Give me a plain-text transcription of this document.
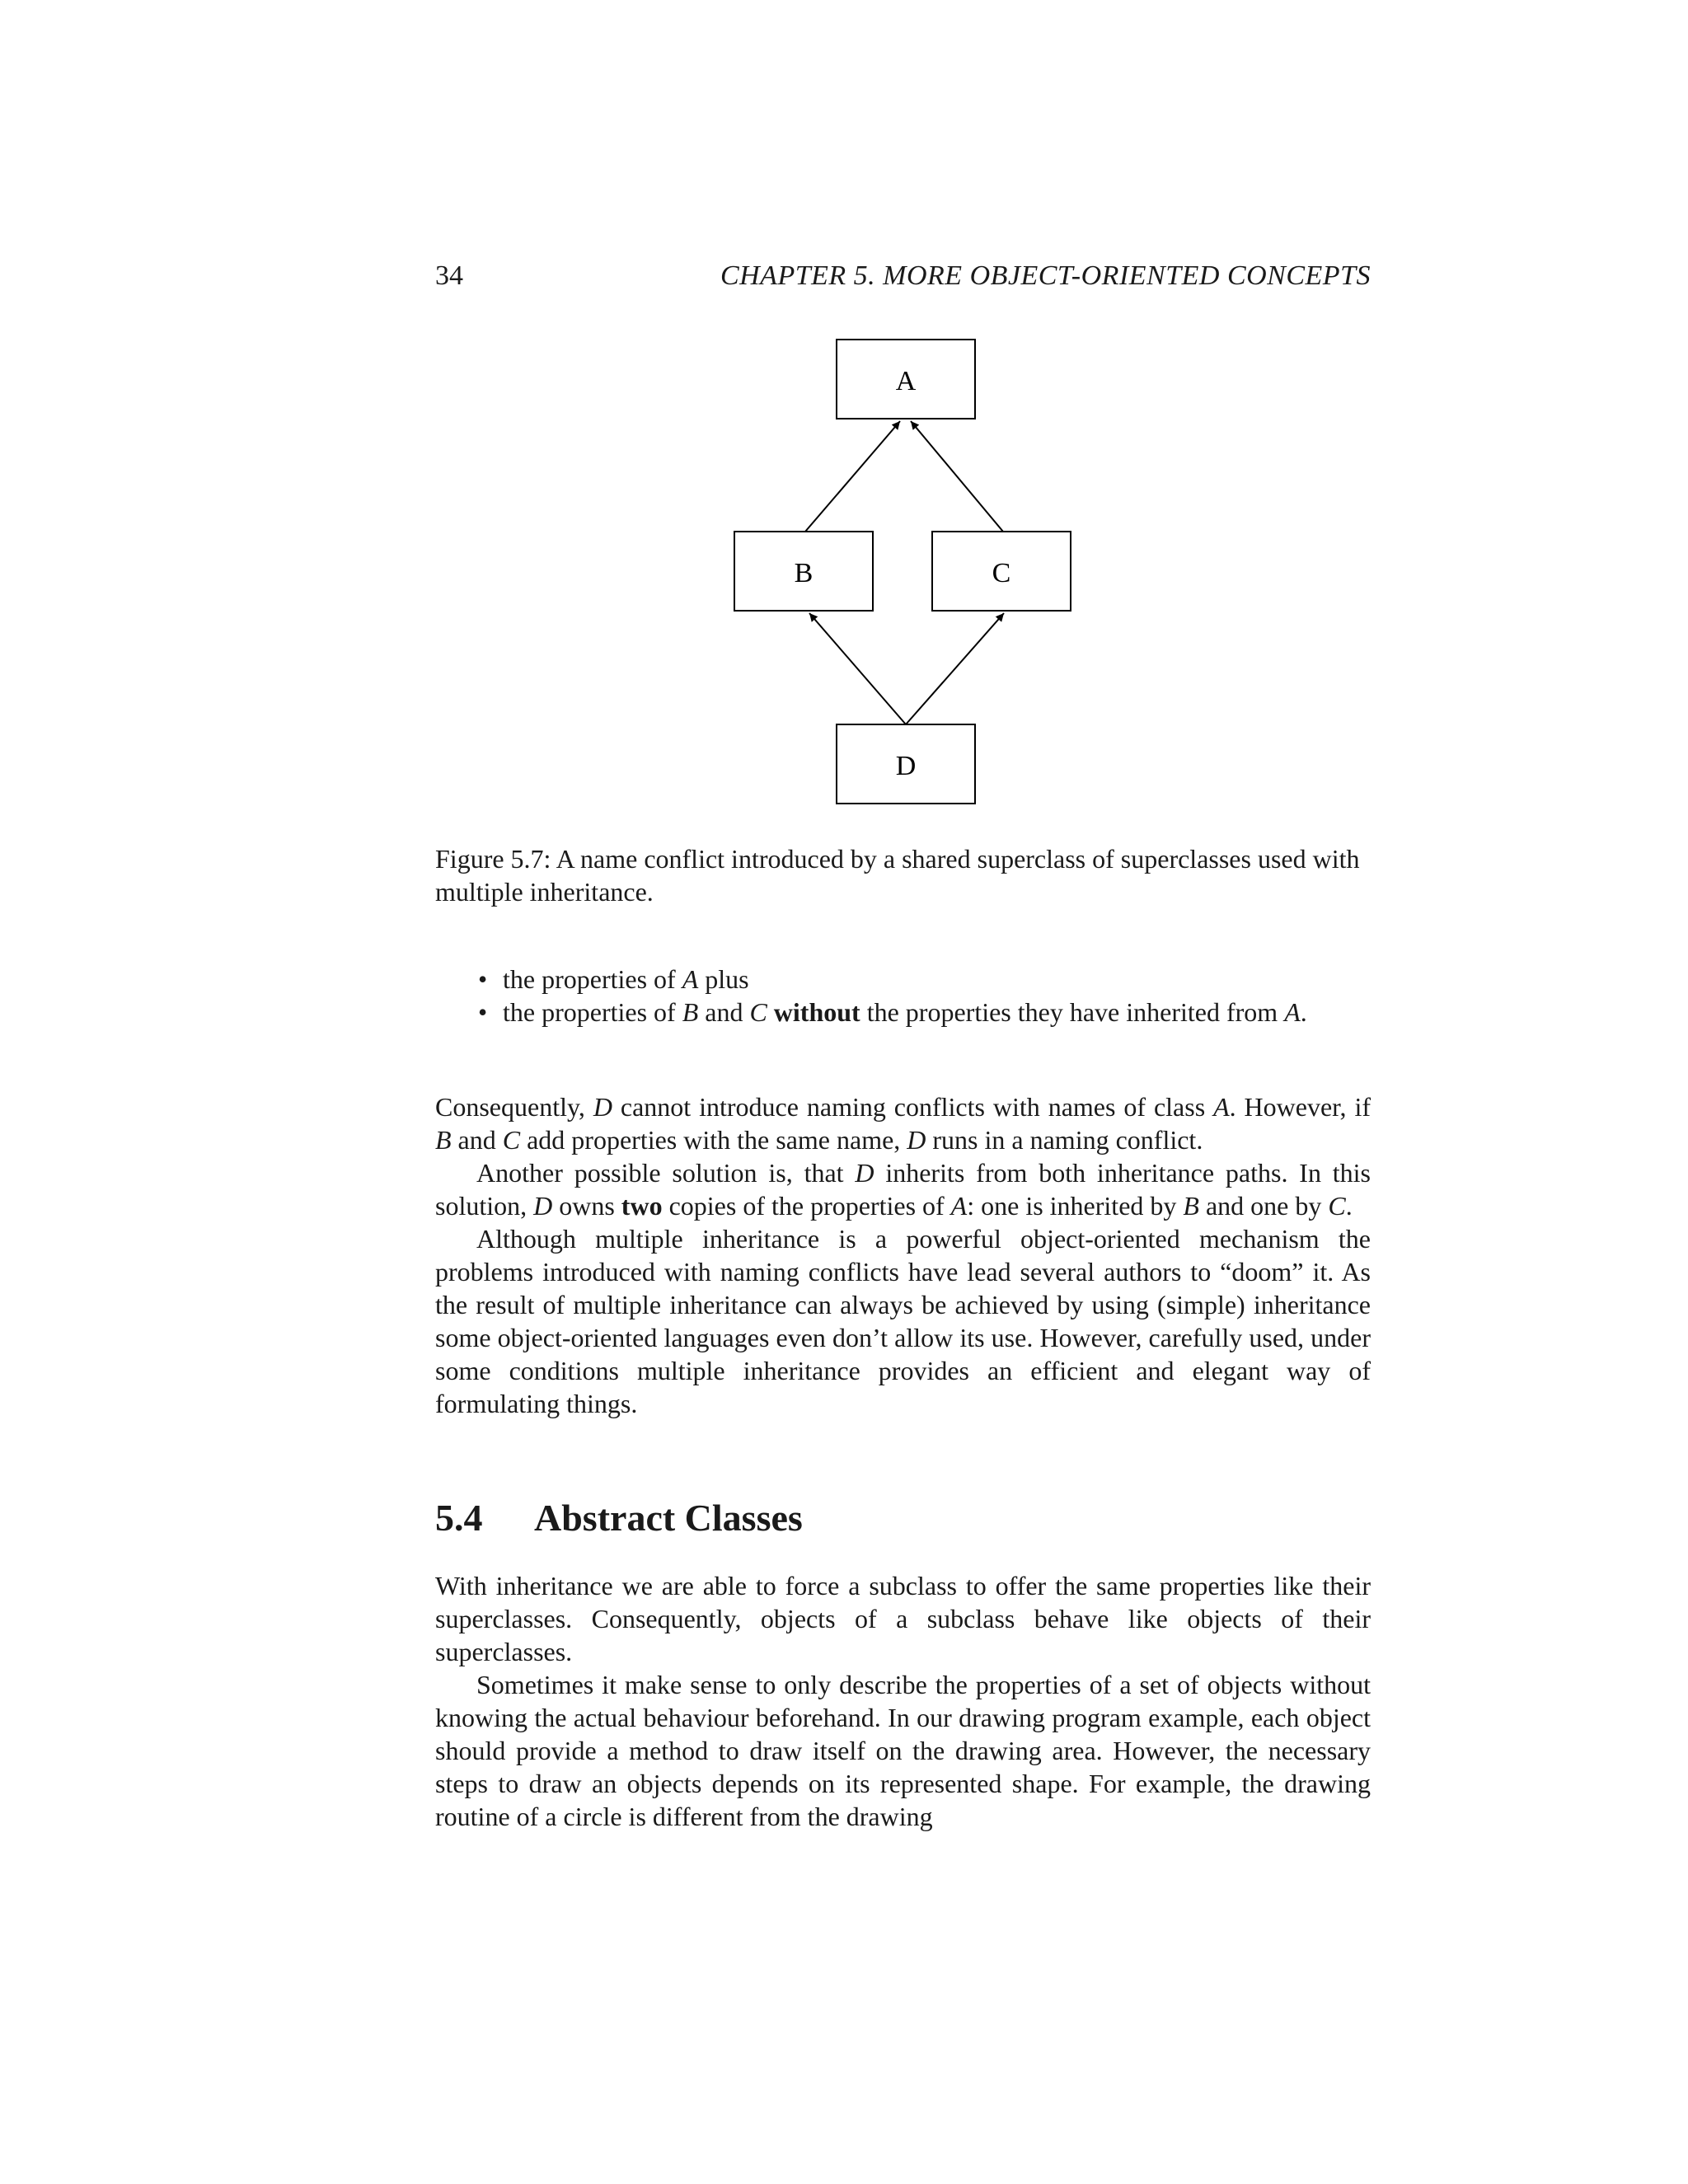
34	CHAPTER 5. MORE OBJECT-ORIENTED CONCEPTS
A
B	C
D
Figure 5.7: A name conflict introduced by a shared superclass of superclasses used with multiple inheritance.
• the properties of A plus
• the properties of B and C without the properties they have inherited from A.

Consequently, D cannot introduce naming conflicts with names of class A. However, if B and C add properties with the same name, D runs in a naming conflict.

Another possible solution is, that D inherits from both inheritance paths. In this solution, D owns two copies of the properties of A: one is inherited by B and one by C.

Although multiple inheritance is a powerful object-oriented mechanism the problems introduced with naming conflicts have lead several authors to “doom” it. As the result of multiple inheritance can always be achieved by using (simple) inheritance some object-oriented languages even don’t allow its use. However, carefully used, under some conditions multiple inheritance provides an efficient and elegant way of formulating things.

5.4 Abstract Classes

With inheritance we are able to force a subclass to offer the same properties like their superclasses. Consequently, objects of a subclass behave like objects of their superclasses.

Sometimes it make sense to only describe the properties of a set of objects without knowing the actual behaviour beforehand. In our drawing program example, each object should provide a method to draw itself on the drawing area. However, the necessary steps to draw an objects depends on its represented shape. For example, the drawing routine of a circle is different from the drawing
